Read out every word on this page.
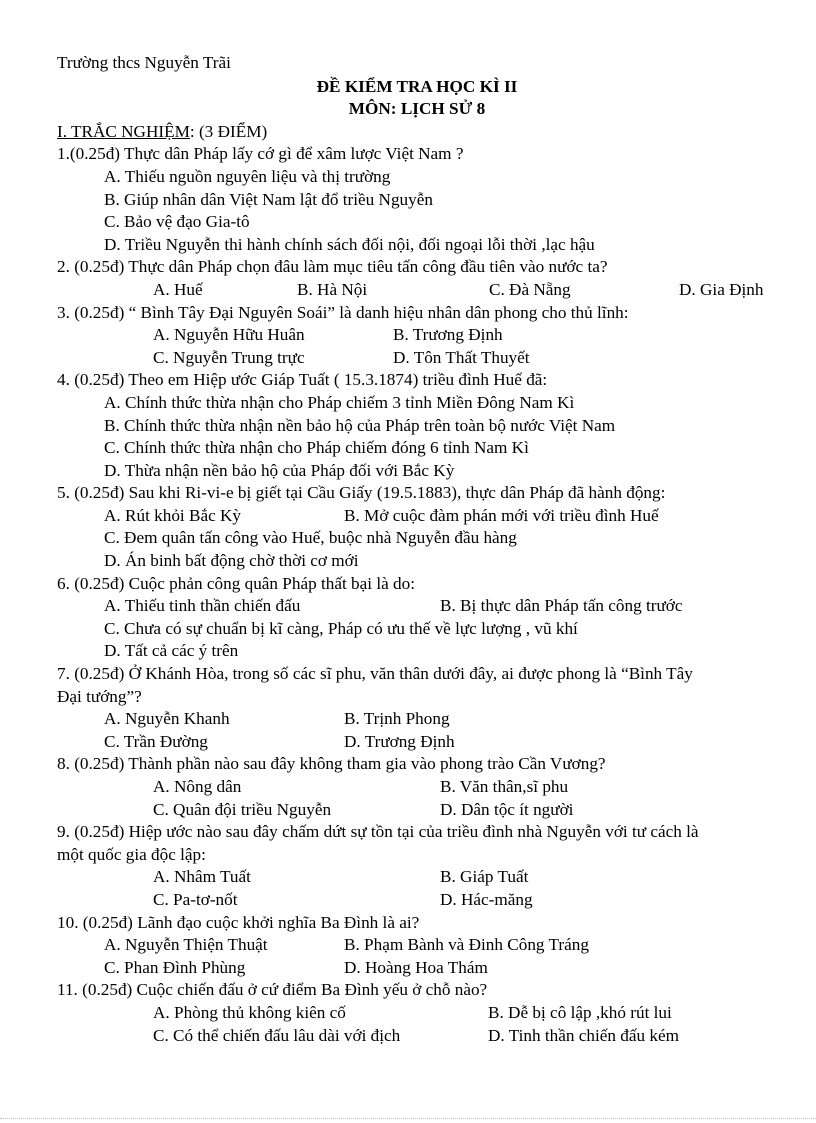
Trường thcs Nguyễn Trãi
ĐỀ KIỂM TRA HỌC KÌ II
MÔN: LỊCH SỬ 8
I. TRẮC NGHIỆM: (3 ĐIỂM)
1.(0.25đ) Thực dân Pháp lấy cớ gì để xâm lược Việt Nam ?
A. Thiếu nguồn nguyên liệu và thị trường
B. Giúp nhân dân Việt Nam lật đổ triều Nguyễn
C. Bảo vệ đạo Gia-tô
D. Triều Nguyễn thi hành chính sách đối nội, đối ngoại lỗi thời ,lạc hậu
2. (0.25đ) Thực dân Pháp chọn đâu làm mục tiêu tấn công đầu tiên vào nước ta?
A. Huế	B. Hà Nội	C. Đà Nẵng	D. Gia Định
3. (0.25đ) “ Bình Tây Đại Nguyên Soái” là danh hiệu nhân dân phong cho thủ lĩnh:
A. Nguyễn Hữu Huân	B. Trương Định
C. Nguyễn Trung trực	D. Tôn Thất Thuyết
4. (0.25đ) Theo em Hiệp ước Giáp Tuất ( 15.3.1874) triều đình Huế đã:
A. Chính thức thừa nhận cho Pháp chiếm 3 tỉnh Miền Đông Nam Kì
B. Chính thức thừa nhận nền bảo hộ của Pháp trên toàn bộ nước Việt Nam
C. Chính thức thừa nhận cho Pháp chiếm đóng 6 tỉnh Nam Kì
D. Thừa nhận nền bảo hộ của Pháp đối với Bắc Kỳ
5. (0.25đ) Sau khi Ri-vi-e bị giết tại Cầu Giấy (19.5.1883), thực dân Pháp đã hành động:
A. Rút khỏi Bắc Kỳ	B. Mở cuộc đàm phán mới với triều đình Huế
C. Đem quân tấn công vào Huế, buộc nhà Nguyễn đầu hàng
D. Án binh bất động chờ thời cơ mới
6. (0.25đ) Cuộc phản công quân Pháp thất bại là do:
A. Thiếu tinh thần chiến đấu	B. Bị thực dân Pháp tấn công trước
C. Chưa có sự chuẩn bị kĩ càng, Pháp có ưu thế về lực lượng , vũ khí
D. Tất cả các ý trên
7. (0.25đ) Ở Khánh Hòa, trong số các sĩ phu, văn thân dưới đây, ai được phong là “Bình Tây
Đại tướng”?
A. Nguyễn Khanh	B. Trịnh Phong
C. Trần Đường	D. Trương Định
8. (0.25đ) Thành phần nào sau đây không tham gia vào phong trào Cần Vương?
A. Nông dân	B. Văn thân,sĩ phu
C. Quân đội triều Nguyễn	D. Dân tộc ít người
9. (0.25đ) Hiệp ước nào sau đây chấm dứt sự tồn tại của triều đình nhà Nguyễn với tư cách là
một quốc gia độc lập:
A. Nhâm Tuất	B. Giáp Tuất
C. Pa-tơ-nốt	D. Hác-măng
10. (0.25đ) Lãnh đạo cuộc khởi nghĩa Ba Đình là ai?
A. Nguyễn Thiện Thuật	B. Phạm Bành và Đinh Công Tráng
C. Phan Đình Phùng	D. Hoàng Hoa Thám
11. (0.25đ) Cuộc chiến đấu ở cứ điểm Ba Đình yếu ở chỗ nào?
A. Phòng thủ không kiên cố	B. Dễ bị cô lập ,khó rút lui
C. Có thể chiến đấu lâu dài với địch	D. Tinh thần chiến đấu kém
